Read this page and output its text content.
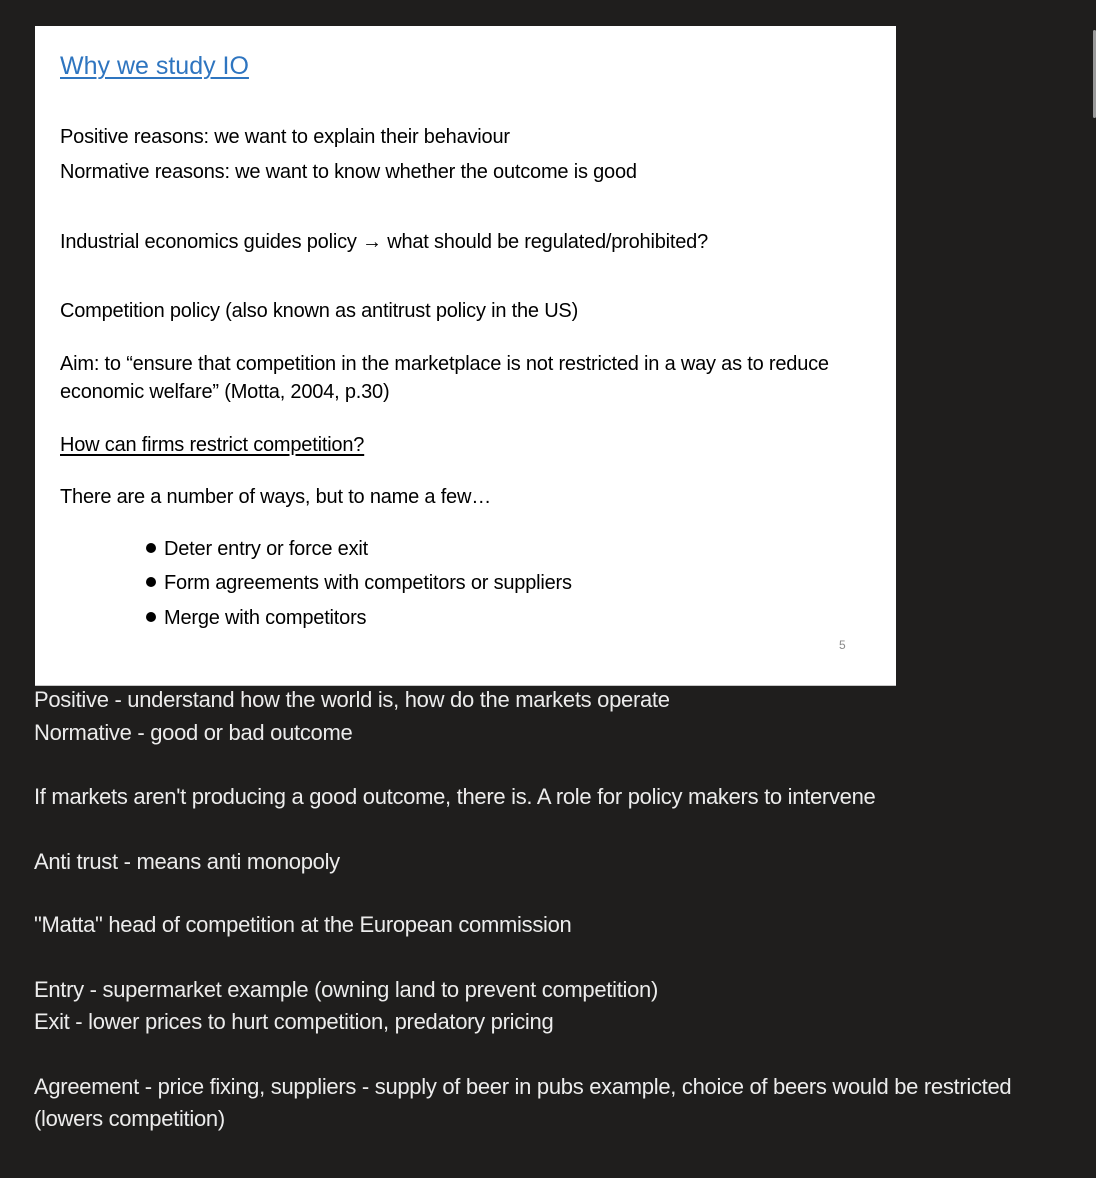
Why we study IO
Positive reasons: we want to explain their behaviour
Normative reasons: we want to know whether the outcome is good
Industrial economics guides policy → what should be regulated/prohibited?
Competition policy (also known as antitrust policy in the US)
Aim: to “ensure that competition in the marketplace is not restricted in a way as to reduce economic welfare” (Motta, 2004, p.30)
How can firms restrict competition?
There are a number of ways, but to name a few…
Deter entry or force exit
Form agreements with competitors or suppliers
Merge with competitors
5
Positive - understand how the world is, how do the markets operate
Normative - good or bad outcome
If markets aren't producing a good outcome, there is. A role for policy makers to intervene
Anti trust - means anti monopoly
"Matta" head of competition at the European commission
Entry - supermarket example (owning land to prevent competition)
Exit - lower prices to hurt competition, predatory pricing
Agreement - price fixing, suppliers - supply of beer in pubs example, choice of beers would be restricted (lowers competition)
